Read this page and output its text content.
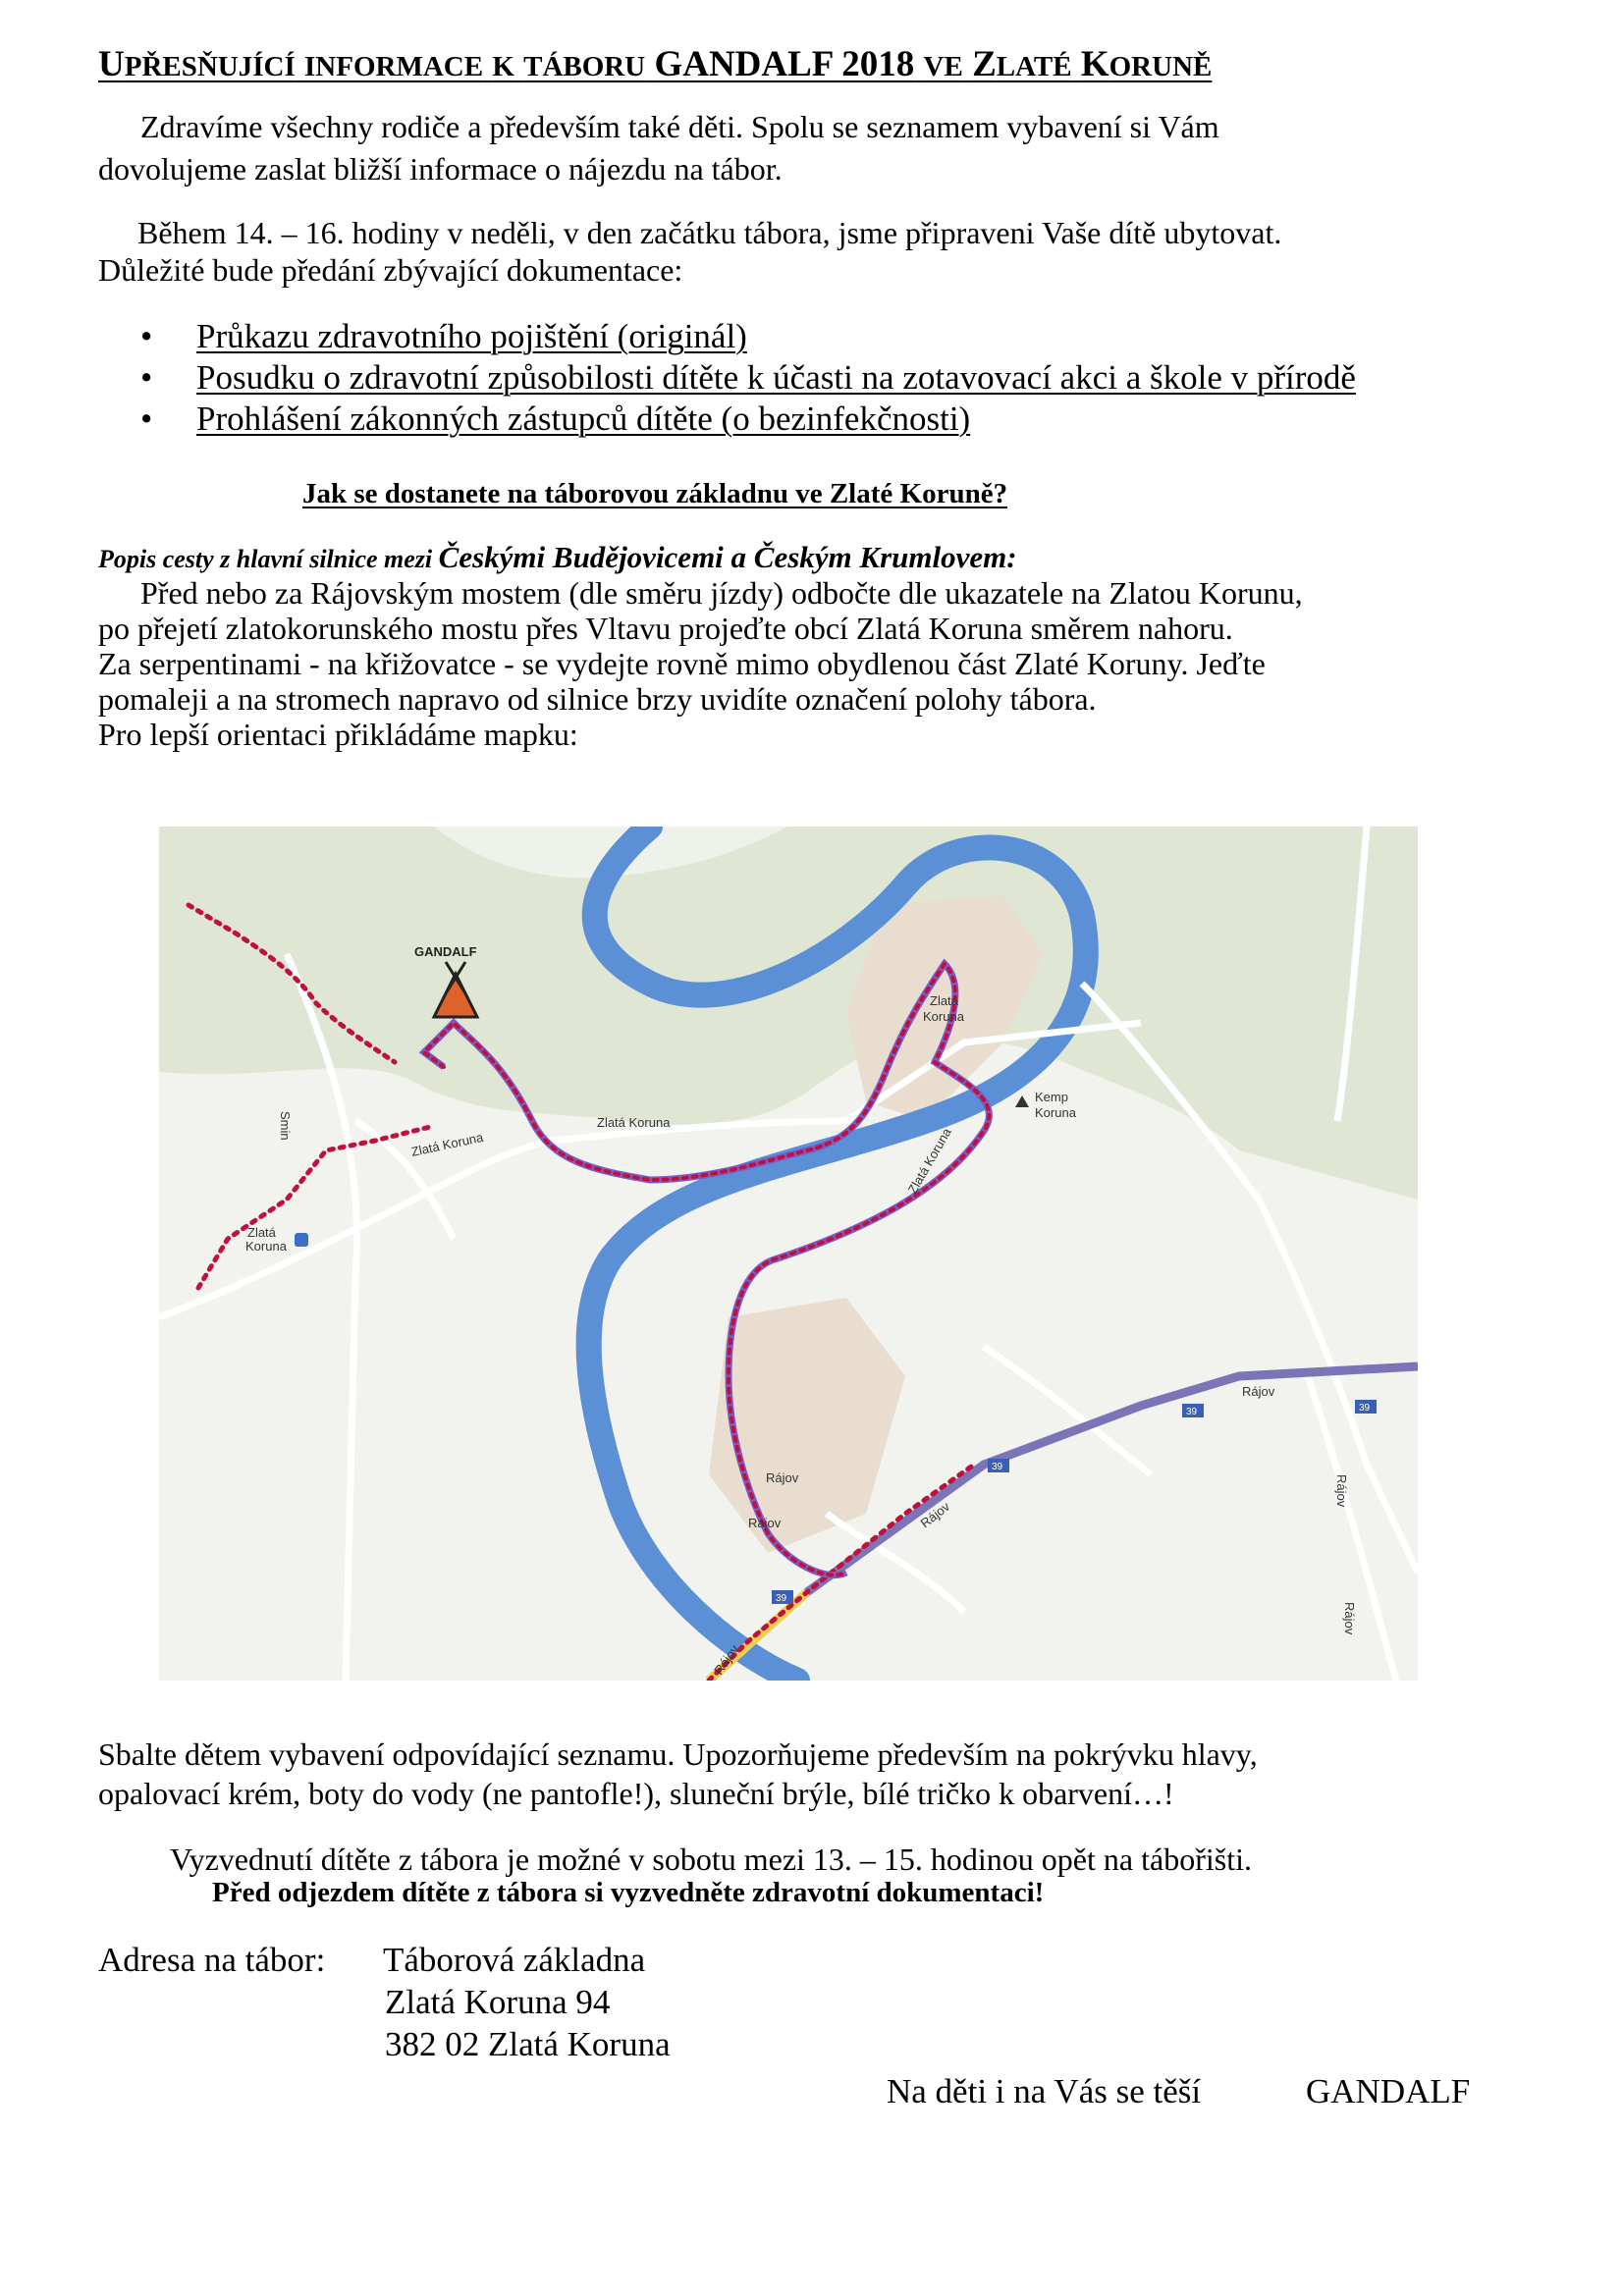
UPŘESŇUJÍCÍ INFORMACE K TÁBORU GANDALF 2018 VE ZLATÉ KORUNĚ
Zdravíme všechny rodiče a především také děti. Spolu se seznamem vybavení si Vám
dovolujeme zaslat bližší informace o nájezdu na tábor.
Během 14. – 16. hodiny v neděli, v den začátku tábora, jsme připraveni Vaše dítě ubytovat.
Důležité bude předání zbývající dokumentace:
• Průkazu zdravotního pojištění (originál)
• Posudku o zdravotní způsobilosti dítěte k účasti na zotavovací akci a škole v přírodě
• Prohlášení zákonných zástupců dítěte (o bezinfekčnosti)
Jak se dostanete na táborovou základnu ve Zlaté Koruně?
Popis cesty z hlavní silnice mezi Českými Budějovicemi a Českým Krumlovem:
Před nebo za Rájovským mostem (dle směru jízdy) odbočte dle ukazatele na Zlatou Korunu,
po přejetí zlatokorunského mostu přes Vltavu projeďte obcí Zlatá Koruna směrem nahoru.
Za serpentinami - na křižovatce - se vydejte rovně mimo obydlenou část Zlaté Koruny. Jeďte
pomaleji a na stromech napravo od silnice brzy uvidíte označení polohy tábora.
Pro lepší orientaci přikládáme mapku:
GANDALF
39
39
39	39
Zlatá
Koruna
Kemp
Koruna
Zlatá Koruna
Zlatá Koruna	Zlatá Koruna
Zlatá
Koruna
Smin
Rájov
Rájov
Rájov
Rájov
Rájov
Rájov
Rájov
Sbalte dětem vybavení odpovídající seznamu. Upozorňujeme především na pokrývku hlavy,
opalovací krém, boty do vody (ne pantofle!), sluneční brýle, bílé tričko k obarvení…!
Vyzvednutí dítěte z tábora je možné v sobotu mezi 13. – 15. hodinou opět na tábořišti.
Před odjezdem dítěte z tábora si vyzvedněte zdravotní dokumentaci!
Adresa na tábor: Táborová základna
Zlatá Koruna 94
382 02 Zlatá Koruna
Na děti i na Vás se těší	GANDALF
